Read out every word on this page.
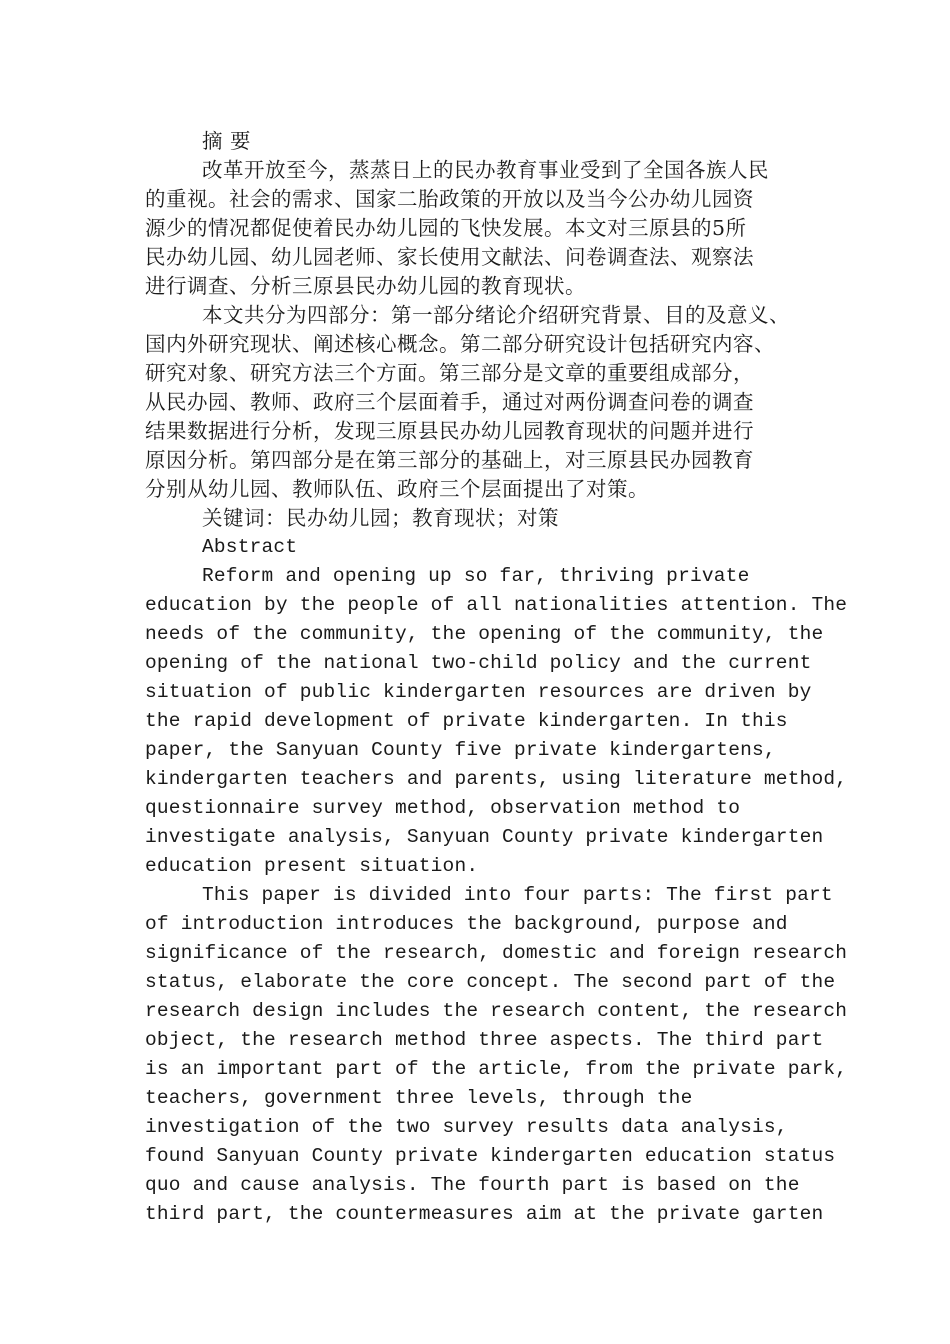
摘 要
改革开放至今，蒸蒸日上的民办教育事业受到了全国各族人民
的重视。社会的需求、国家二胎政策的开放以及当今公办幼儿园资
源少的情况都促使着民办幼儿园的飞快发展。本文对三原县的5所
民办幼儿园、幼儿园老师、家长使用文献法、问卷调查法、观察法
进行调查、分析三原县民办幼儿园的教育现状。
本文共分为四部分：第一部分绪论介绍研究背景、目的及意义、
国内外研究现状、阐述核心概念。第二部分研究设计包括研究内容、
研究对象、研究方法三个方面。第三部分是文章的重要组成部分，
从民办园、教师、政府三个层面着手，通过对两份调查问卷的调查
结果数据进行分析，发现三原县民办幼儿园教育现状的问题并进行
原因分析。第四部分是在第三部分的基础上，对三原县民办园教育
分别从幼儿园、教师队伍、政府三个层面提出了对策。
关键词：民办幼儿园；教育现状；对策
Abstract
Reform and opening up so far, thriving private
education by the people of all nationalities attention. The
needs of the community, the opening of the community, the
opening of the national two-child policy and the current
situation of public kindergarten resources are driven by
the rapid development of private kindergarten. In this
paper, the Sanyuan County five private kindergartens,
kindergarten teachers and parents, using literature method,
questionnaire survey method, observation method to
investigate analysis, Sanyuan County private kindergarten
education present situation.
This paper is divided into four parts: The first part
of introduction introduces the background, purpose and
significance of the research, domestic and foreign research
status, elaborate the core concept. The second part of the
research design includes the research content, the research
object, the research method three aspects. The third part
is an important part of the article, from the private park,
teachers, government three levels, through the
investigation of the two survey results data analysis,
found Sanyuan County private kindergarten education status
quo and cause analysis. The fourth part is based on the
third part, the countermeasures aim at the private garten
